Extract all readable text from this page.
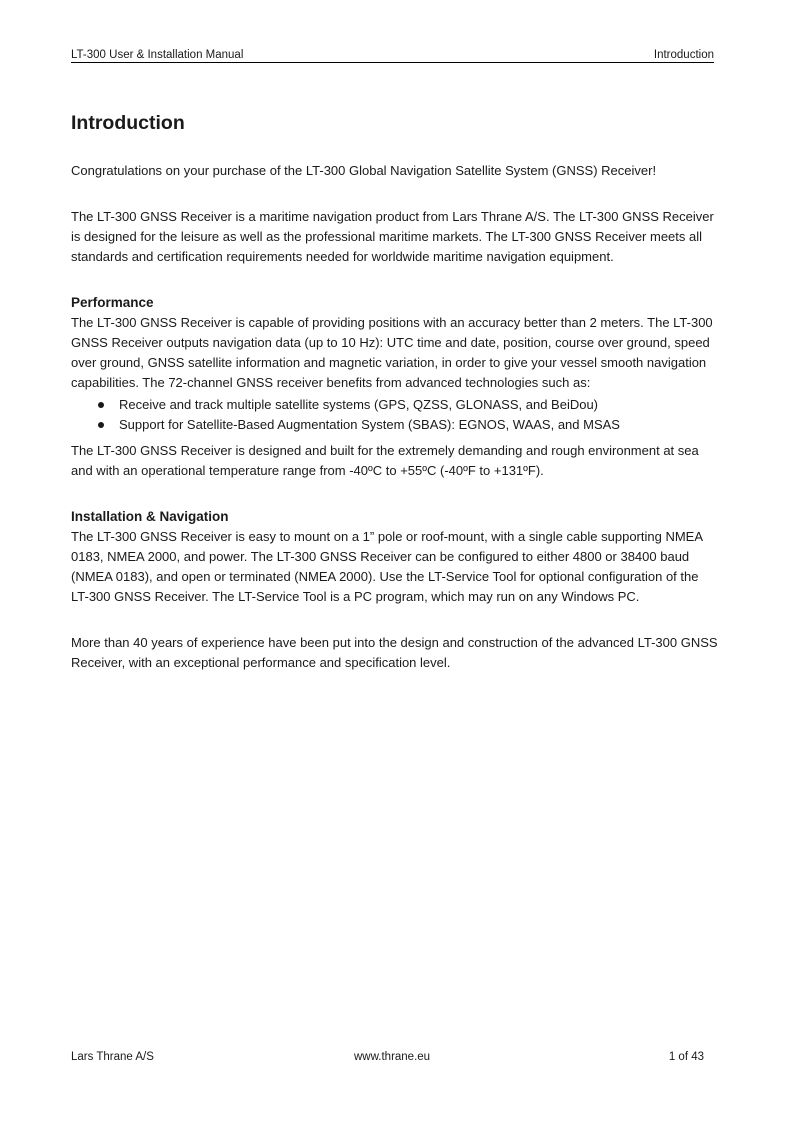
LT-300 User & Installation Manual	Introduction
Introduction

Congratulations on your purchase of the LT-300 Global Navigation Satellite System (GNSS) Receiver!

The LT-300 GNSS Receiver is a maritime navigation product from Lars Thrane A/S. The LT-300 GNSS Receiver is designed for the leisure as well as the professional maritime markets. The LT-300 GNSS Receiver meets all standards and certification requirements needed for worldwide maritime navigation equipment.

Performance

The LT-300 GNSS Receiver is capable of providing positions with an accuracy better than 2 meters. The LT-300 GNSS Receiver outputs navigation data (up to 10 Hz): UTC time and date, position, course over ground, speed over ground, GNSS satellite information and magnetic variation, in order to give your vessel smooth navigation capabilities. The 72-channel GNSS receiver benefits from advanced technologies such as:

Receive and track multiple satellite systems (GPS, QZSS, GLONASS, and BeiDou)
Support for Satellite-Based Augmentation System (SBAS): EGNOS, WAAS, and MSAS

The LT-300 GNSS Receiver is designed and built for the extremely demanding and rough environment at sea and with an operational temperature range from -40ºC to +55ºC (-40ºF to +131ºF).

Installation & Navigation

The LT-300 GNSS Receiver is easy to mount on a 1” pole or roof-mount, with a single cable supporting NMEA 0183, NMEA 2000, and power. The LT-300 GNSS Receiver can be configured to either 4800 or 38400 baud (NMEA 0183), and open or terminated (NMEA 2000). Use the LT-Service Tool for optional configuration of the LT-300 GNSS Receiver. The LT-Service Tool is a PC program, which may run on any Windows PC.

More than 40 years of experience have been put into the design and construction of the advanced LT-300 GNSS Receiver, with an exceptional performance and specification level.

Lars Thrane A/S	www.thrane.eu	1 of 43
